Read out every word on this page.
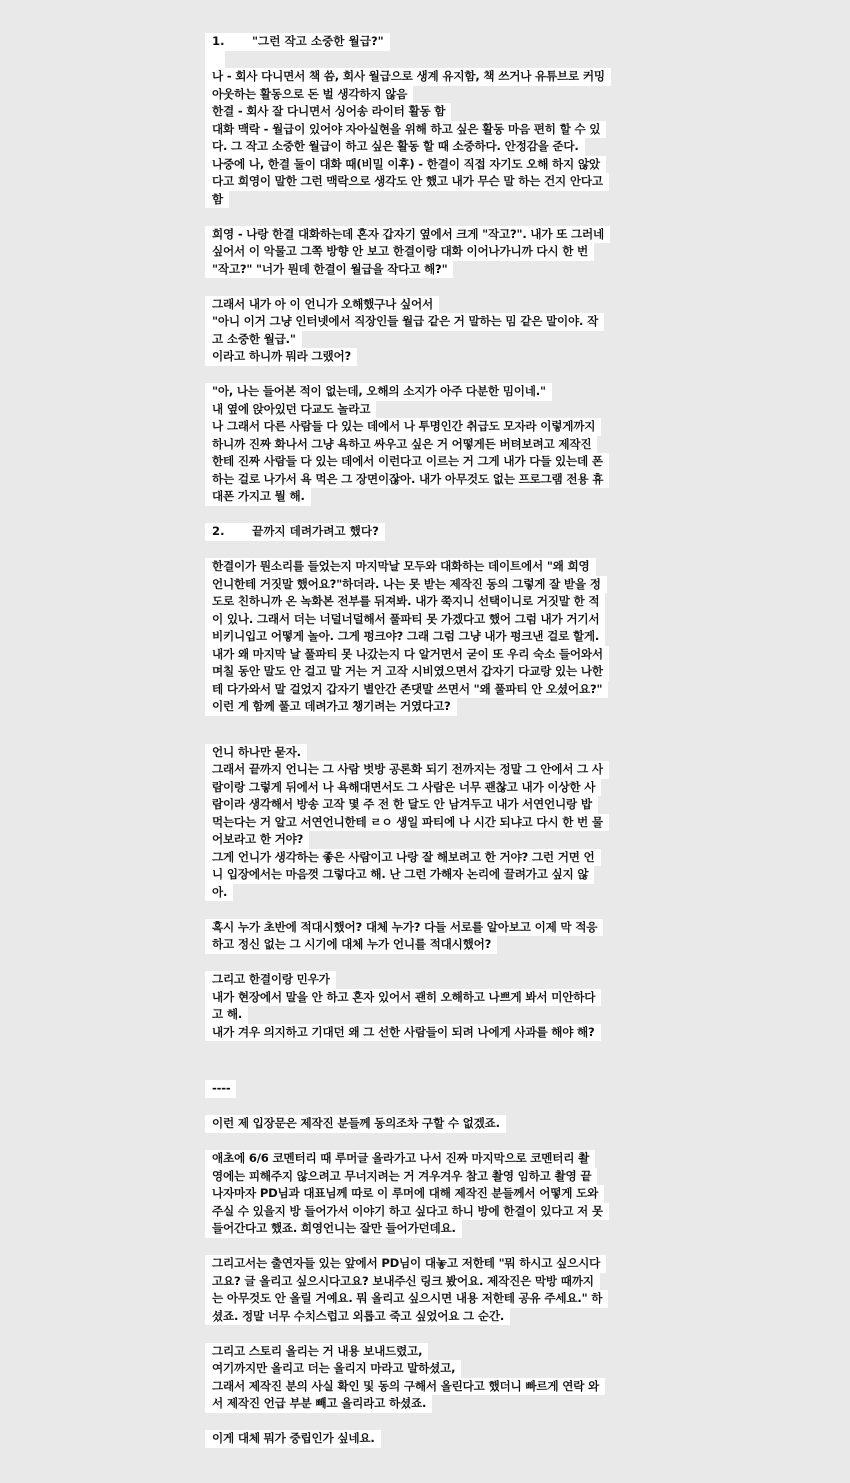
1. "그런 작고 소중한 월급?"

나 - 회사 다니면서 책 씀, 회사 월급으로 생계 유지함, 책 쓰거나 유튜브로 커밍

아웃하는 활동으로 돈 벌 생각하지 않음

한결 - 회사 잘 다니면서 싱어송 라이터 활동 함

대화 맥락 - 월급이 있어야 자아실현을 위해 하고 싶은 활동 마음 편히 할 수 있

다. 그 작고 소중한 월급이 하고 싶은 활동 할 때 소중하다. 안정감을 준다.

나중에 나, 한결 둘이 대화 때(비밀 이후) - 한결이 직접 자기도 오해 하지 않았

다고 희영이 말한 그런 맥락으로 생각도 안 했고 내가 무슨 말 하는 건지 안다고

함

희영 - 나랑 한결 대화하는데 혼자 갑자기 옆에서 크게 "작고?". 내가 또 그러네

싶어서 이 악물고 그쪽 방향 안 보고 한결이랑 대화 이어나가니까 다시 한 번

"작고?" "너가 뭔데 한결이 월급을 작다고 해?"

그래서 내가 아 이 언니가 오해했구나 싶어서

"아니 이거 그냥 인터넷에서 직장인들 월급 같은 거 말하는 밈 같은 말이야. 작

고 소중한 월급."

이라고 하니까 뭐라 그랬어?

"아, 나는 들어본 적이 없는데, 오해의 소지가 아주 다분한 밈이네."

내 옆에 앉아있던 다교도 놀라고

나 그래서 다른 사람들 다 있는 데에서 나 투명인간 취급도 모자라 이렇게까지

하니까 진짜 화나서 그냥 욕하고 싸우고 싶은 거 어떻게든 버텨보려고 제작진

한테 진짜 사람들 다 있는 데에서 이런다고 이르는 거 그게 내가 다들 있는데 폰

하는 걸로 나가서 욕 먹은 그 장면이잖아. 내가 아무것도 없는 프로그램 전용 휴

대폰 가지고 뭘 해.

2. 끝까지 데려가려고 했다?

한결이가 뭔소리를 들었는지 마지막날 모두와 대화하는 데이트에서 "왜 희영

언니한테 거짓말 했어요?"하더라. 나는 못 받는 제작진 동의 그렇게 잘 받을 정

도로 친하니까 온 녹화본 전부를 뒤져봐. 내가 쭉지니 선택이니로 거짓말 한 적

이 있나. 그래서 더는 너덜너덜해서 풀파티 못 가겠다고 했어 그럼 내가 거기서

비키니입고 어떻게 놀아. 그게 펑크야? 그래 그럼 그냥 내가 펑크낸 걸로 할게.

내가 왜 마지막 날 풀파티 못 나갔는지 다 알거면서 굳이 또 우리 숙소 들어와서

며칠 동안 말도 안 걸고 말 거는 거 고작 시비였으면서 갑자기 다교랑 있는 나한

테 다가와서 말 걸었지 갑자기 별안간 존댓말 쓰면서 "왜 풀파티 안 오셨어요?"

이런 게 함께 풀고 데려가고 챙기려는 거였다고?

언니 하나만 묻자.

그래서 끝까지 언니는 그 사람 벗방 공론화 되기 전까지는 정말 그 안에서 그 사

람이랑 그렇게 뒤에서 나 욕해대면서도 그 사람은 너무 괜찮고 내가 이상한 사

람이라 생각해서 방송 고작 몇 주 전 한 달도 안 남겨두고 내가 서연언니랑 밥

먹는다는 거 알고 서연언니한테 ㄹㅇ 생일 파티에 나 시간 되냐고 다시 한 번 물

어보라고 한 거야?

그게 언니가 생각하는 좋은 사람이고 나랑 잘 해보려고 한 거야? 그런 거면 언

니 입장에서는 마음껏 그렇다고 해. 난 그런 가해자 논리에 끌려가고 싶지 않

아.

혹시 누가 초반에 적대시했어? 대체 누가? 다들 서로를 알아보고 이제 막 적응

하고 정신 없는 그 시기에 대체 누가 언니를 적대시했어?

그리고 한결이랑 민우가

내가 현장에서 말을 안 하고 혼자 있어서 괜히 오해하고 나쁘게 봐서 미안하다

고 해.

내가 겨우 의지하고 기대던 왜 그 선한 사람들이 되려 나에게 사과를 해야 해?

----

이런 제 입장문은 제작진 분들께 동의조차 구할 수 없겠죠.

애초에 6/6 코멘터리 때 루머글 올라가고 나서 진짜 마지막으로 코멘터리 촬

영에는 피해주지 않으려고 무너지려는 거 겨우겨우 참고 촬영 임하고 촬영 끝

나자마자 PD님과 대표님께 따로 이 루머에 대해 제작진 분들께서 어떻게 도와

주실 수 있을지 방 들어가서 이야기 하고 싶다고 하니 방에 한결이 있다고 저 못

들어간다고 했죠. 희영언니는 잘만 들어가던데요.

그리고서는 출연자들 있는 앞에서 PD님이 대놓고 저한테 "뭐 하시고 싶으시다

고요? 글 올리고 싶으시다고요? 보내주신 링크 봤어요. 제작진은 막방 때까지

는 아무것도 안 올릴 거예요. 뭐 올리고 싶으시면 내용 저한테 공유 주세요." 하

셨죠. 정말 너무 수치스럽고 외롭고 죽고 싶었어요 그 순간.

그리고 스토리 올리는 거 내용 보내드렸고,

여기까지만 올리고 더는 올리지 마라고 말하셨고,

그래서 제작진 분의 사실 확인 및 동의 구해서 올린다고 했더니 빠르게 연락 와

서 제작진 언급 부분 빼고 올리라고 하셨죠.

이게 대체 뭐가 중립인가 싶네요.
